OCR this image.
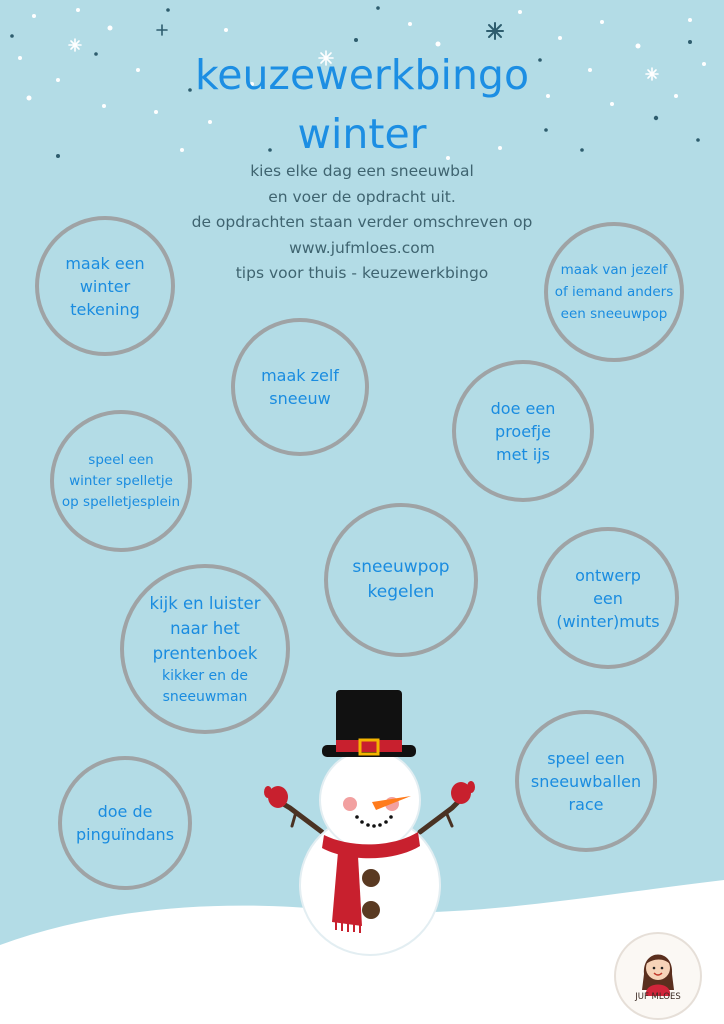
keuzewerkbingo
winter
kies elke dag een sneeuwbal
en voer de opdracht uit.
de opdrachten staan verder omschreven op
www.jufmloes.com
tips voor thuis - keuzewerkbingo
maak een
winter
tekening
maak zelf
sneeuw
maak van jezelf
of iemand anders
een sneeuwpop
doe een
proefje
met ijs
speel een
winter spelletje
op spelletjesplein
sneeuwpop
kegelen
kijk en luister
naar het
prentenboek
kikker en de
sneeuwman
ontwerp
een
(winter)muts
speel een
sneeuwballen
race
doe de
pinguïndans
JUF MLOES
